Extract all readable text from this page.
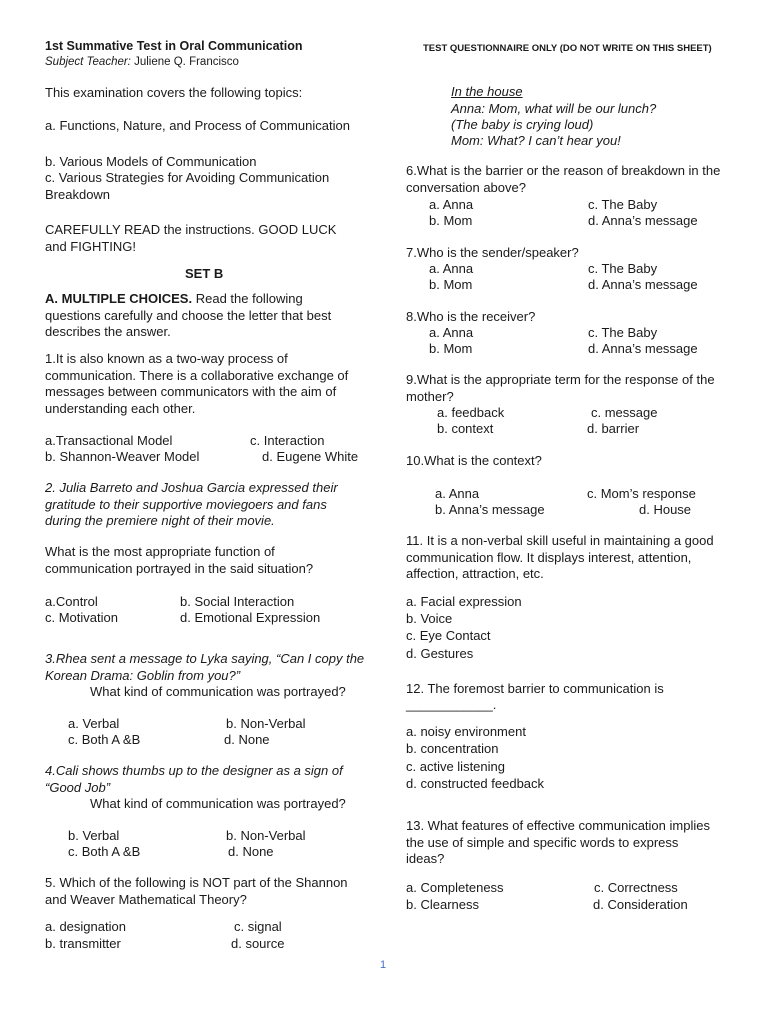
1st Summative Test in Oral Communication
Subject Teacher: Juliene Q. Francisco
TEST QUESTIONNAIRE ONLY (DO NOT WRITE ON THIS SHEET)
This examination covers the following topics:
a. Functions, Nature, and Process of Communication
b. Various Models of Communication
c. Various Strategies for Avoiding Communication Breakdown
CAREFULLY READ the instructions. GOOD LUCK and FIGHTING!
SET B
A. MULTIPLE CHOICES. Read the following questions carefully and choose the letter that best describes the answer.
1.It is also known as a two-way process of communication. There is a collaborative exchange of messages between communicators with the aim of understanding each other.
a.Transactional Model
b. Shannon-Weaver Model
c. Interaction
d. Eugene White
2. Julia Barreto and Joshua Garcia expressed their gratitude to their supportive moviegoers and fans during the premiere night of their movie.
What is the most appropriate function of communication portrayed in the said situation?
a.Control
c. Motivation
b. Social Interaction
d. Emotional Expression
3.Rhea sent a message to Lyka saying, “Can I copy the Korean Drama: Goblin from you?”
What kind of communication was portrayed?
a. Verbal
c. Both A &B
b. Non-Verbal
d. None
4.Cali shows thumbs up to the designer as a sign of “Good Job”
What kind of communication was portrayed?
b. Verbal
c. Both A &B
b. Non-Verbal
d. None
5. Which of the following is NOT part of the Shannon and Weaver Mathematical Theory?
a. designation
b. transmitter
c. signal
d. source
In the house
Anna: Mom, what will be our lunch?
(The baby is crying loud)
Mom: What? I can’t hear you!
6.What is the barrier or the reason of breakdown in the conversation above?
a. Anna
b. Mom
c. The Baby
d. Anna’s message
7.Who is the sender/speaker?
a. Anna
b. Mom
c. The Baby
d. Anna’s message
8.Who is the receiver?
a. Anna
b. Mom
c. The Baby
d. Anna’s message
9.What is the appropriate term for the response of the mother?
a. feedback
b. context
c. message
d. barrier
10.What is the context?
a. Anna
b. Anna’s message
c. Mom’s response
d. House
11. It is a non-verbal skill useful in maintaining a good communication flow. It displays interest, attention, affection, attraction, etc.
a. Facial expression
b. Voice
c. Eye Contact
d. Gestures
12. The foremost barrier to communication is
____________.
a. noisy environment
b. concentration
c. active listening
d. constructed feedback
13. What features of effective communication implies the use of simple and specific words to express ideas?
a. Completeness
b. Clearness
c. Correctness
d. Consideration
1
